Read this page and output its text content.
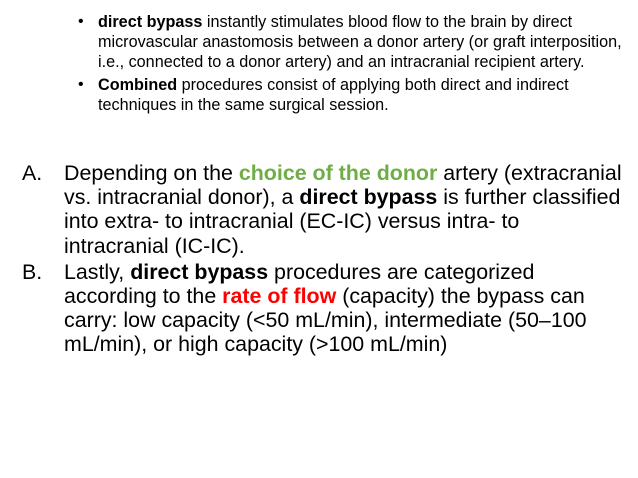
• direct bypass instantly stimulates blood flow to the brain by direct microvascular anastomosis between a donor artery (or graft interposition, i.e., connected to a donor artery) and an intracranial recipient artery.
• Combined procedures consist of applying both direct and indirect techniques in the same surgical session.
A.	Depending on the choice of the donor artery (extracranial vs. intracranial donor), a direct bypass is further classified into extra- to intracranial (EC-IC) versus intra- to intracranial (IC-IC).
B.	Lastly, direct bypass procedures are categorized according to the rate of flow (capacity) the bypass can carry: low capacity (<50 mL/min), intermediate (50–100 mL/min), or high capacity (>100 mL/min)
